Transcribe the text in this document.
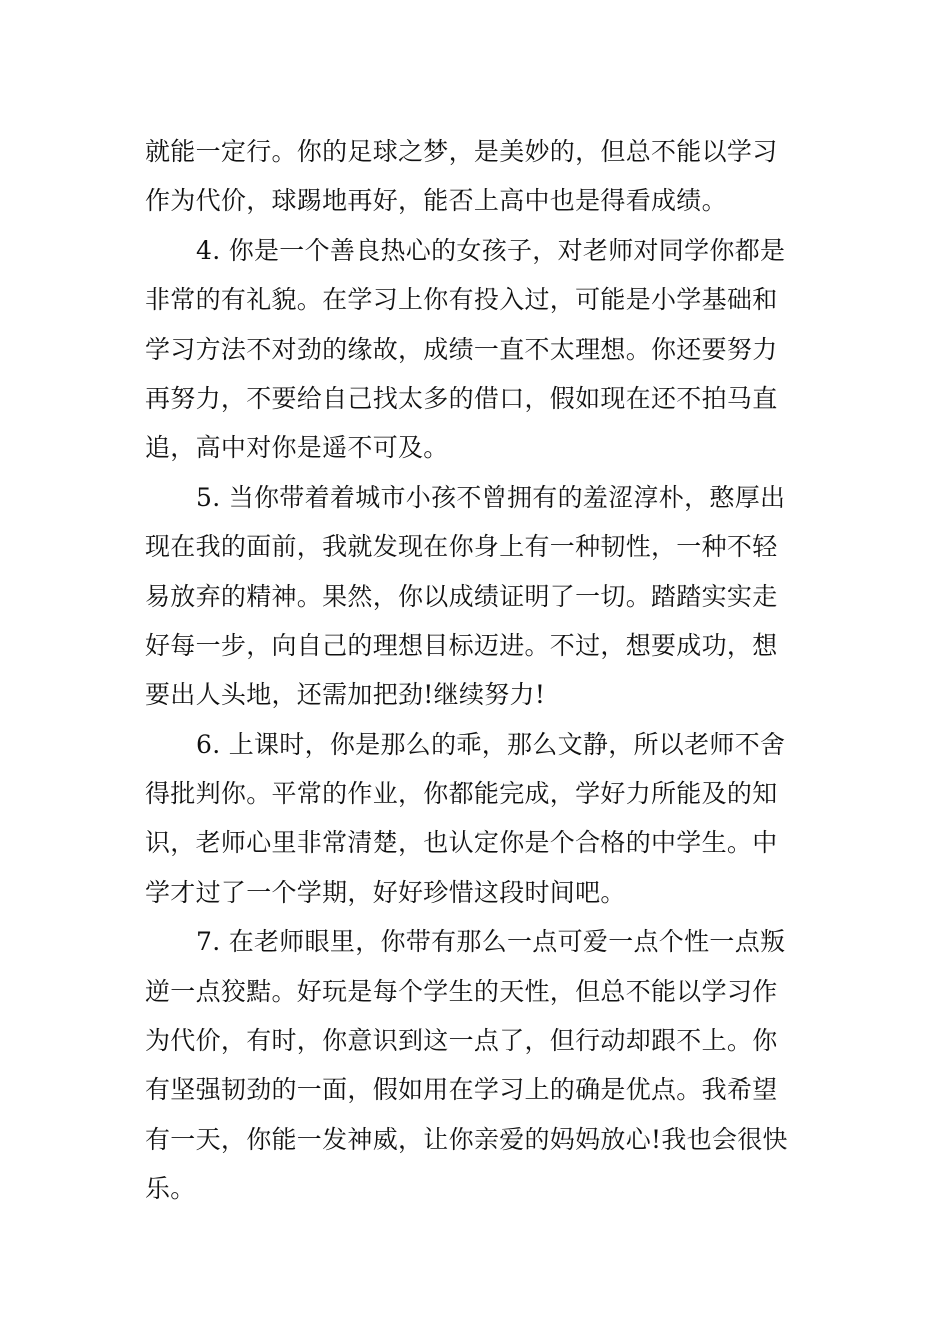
就能一定行。你的足球之梦，是美妙的，但总不能以学习
作为代价，球踢地再好，能否上高中也是得看成绩。
4. 你是一个善良热心的女孩子，对老师对同学你都是
非常的有礼貌。在学习上你有投入过，可能是小学基础和
学习方法不对劲的缘故，成绩一直不太理想。你还要努力
再努力，不要给自己找太多的借口，假如现在还不拍马直
追，高中对你是遥不可及。
5. 当你带着着城市小孩不曾拥有的羞涩淳朴，憨厚出
现在我的面前，我就发现在你身上有一种韧性，一种不轻
易放弃的精神。果然，你以成绩证明了一切。踏踏实实走
好每一步，向自己的理想目标迈进。不过，想要成功，想
要出人头地，还需加把劲!继续努力!
6. 上课时，你是那么的乖，那么文静，所以老师不舍
得批判你。平常的作业，你都能完成，学好力所能及的知
识，老师心里非常清楚，也认定你是个合格的中学生。中
学才过了一个学期，好好珍惜这段时间吧。
7. 在老师眼里，你带有那么一点可爱一点个性一点叛
逆一点狡黠。好玩是每个学生的天性，但总不能以学习作
为代价，有时，你意识到这一点了，但行动却跟不上。你
有坚强韧劲的一面，假如用在学习上的确是优点。我希望
有一天，你能一发神威，让你亲爱的妈妈放心!我也会很快
乐。
